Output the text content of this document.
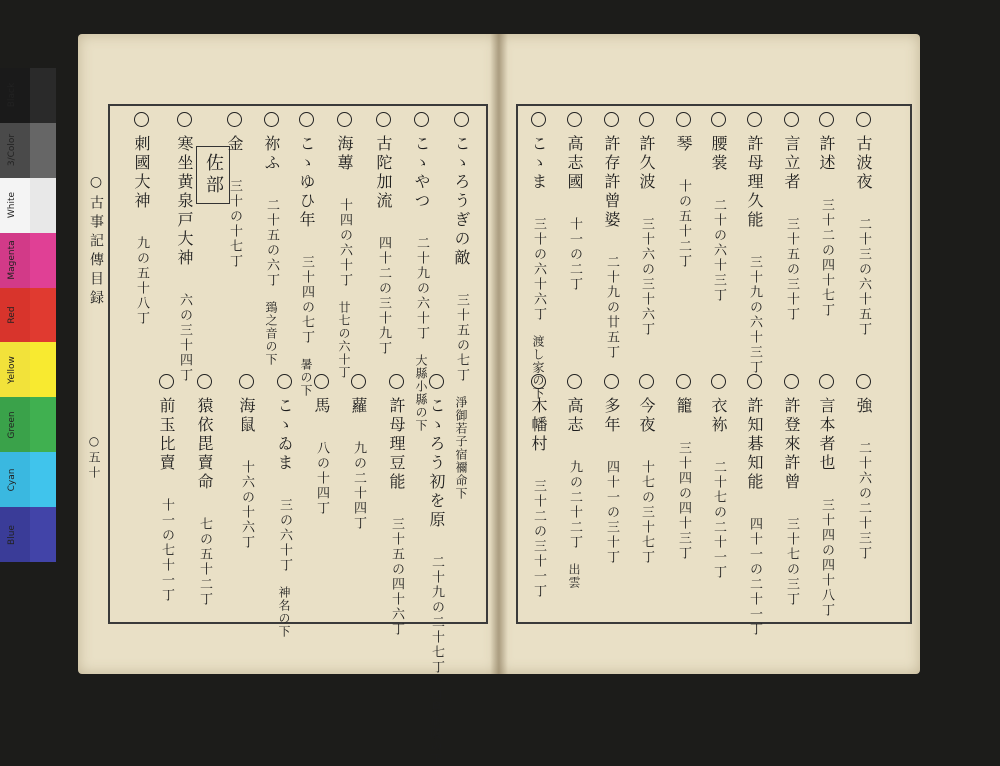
Black
3/Color
White
Magenta
Red
Yellow
Green
Cyan
Blue
○古事記傳目録
○五十
佐部	こゝろうぎの敵　三十五の七丁　淨御若子宿禰命下
こゝやつ　二十九の六十丁　大縣小縣の下
古陀加流　四十二の三十九丁
海蓴　十四の六十丁　廿七の六十丁
こゝゆひ年　三十四の七丁　暑の下
祢ふ　二十五の六丁　鵄之音の下
金　三十の十七丁
寒坐黄泉戸大神　六の三十四丁
刺國大神　九の五十八丁
こゝろう初を原　二十九の二十七丁　白鳥御陵の下
許母理豆能　三十五の四十六丁
蘿　九の二十四丁
馬　八の十四丁
こゝゐま　三の六十丁　神名の下
海鼠　十六の十六丁
猿依毘賣命　七の五十二丁
前玉比賣　十一の七十一丁
古波夜　二十三の六十五丁
許述　三十二の四十七丁
言立者　三十五の三十丁
許母理久能　三十九の六十三丁
腰裳　二十の六十三丁
琴　十の五十二丁
許久波　三十六の三十六丁
許存許曾婆　二十九の廿五丁
高志國　十一の二丁
こゝま　三十の六十六丁　渡し家の下
強　二十六の二十三丁
言本者也　三十四の四十八丁
許登來許曾　三十七の三丁
許知碁知能　四十一の二十一丁
衣袮　二十七の二十一丁
籠　三十四の四十三丁
今夜　十七の三十七丁
多年　四十一の三十丁
高志　九の二十二丁　出雲
木幡村　三十二の三十一丁
